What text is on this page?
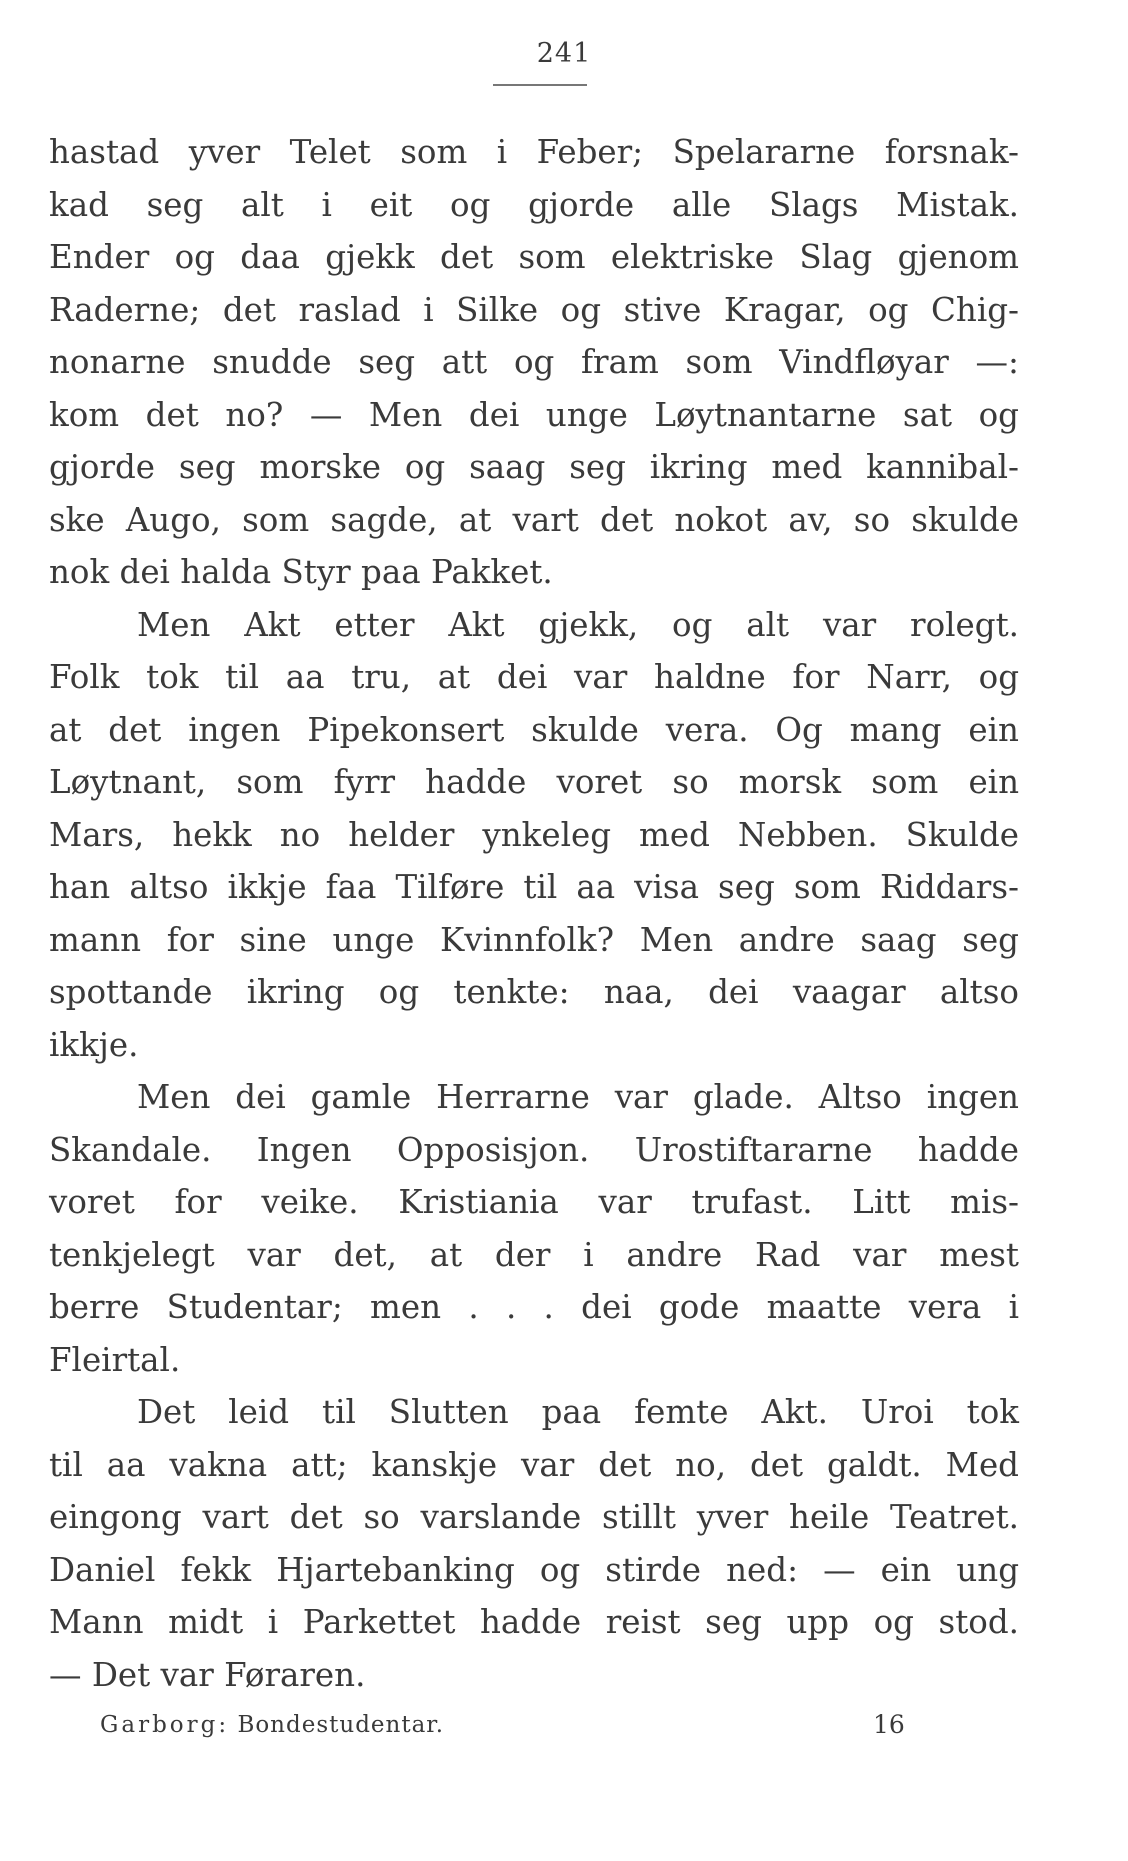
241
hastad yver Telet som i Feber; Spelararne forsnak-
kad seg alt i eit og gjorde alle Slags Mistak.
Ender og daa gjekk det som elektriske Slag gjenom
Raderne; det raslad i Silke og stive Kragar, og Chig-
nonarne snudde seg att og fram som Vindfløyar —:
kom det no? — Men dei unge Løytnantarne sat og
gjorde seg morske og saag seg ikring med kannibal-
ske Augo, som sagde, at vart det nokot av, so skulde
nok dei halda Styr paa Pakket.
Men Akt etter Akt gjekk, og alt var rolegt.
Folk tok til aa tru, at dei var haldne for Narr, og
at det ingen Pipekonsert skulde vera. Og mang ein
Løytnant, som fyrr hadde voret so morsk som ein
Mars, hekk no helder ynkeleg med Nebben. Skulde
han altso ikkje faa Tilføre til aa visa seg som Riddars-
mann for sine unge Kvinnfolk? Men andre saag seg
spottande ikring og tenkte: naa, dei vaagar altso
ikkje.
Men dei gamle Herrarne var glade. Altso ingen
Skandale. Ingen Opposisjon. Urostiftararne hadde
voret for veike. Kristiania var trufast. Litt mis-
tenkjelegt var det, at der i andre Rad var mest
berre Studentar; men . . . dei gode maatte vera i
Fleirtal.
Det leid til Slutten paa femte Akt. Uroi tok
til aa vakna att; kanskje var det no, det galdt. Med
eingong vart det so varslande stillt yver heile Teatret.
Daniel fekk Hjartebanking og stirde ned: — ein ung
Mann midt i Parkettet hadde reist seg upp og stod.
— Det var Føraren.
Garborg: Bondestudentar.	16
